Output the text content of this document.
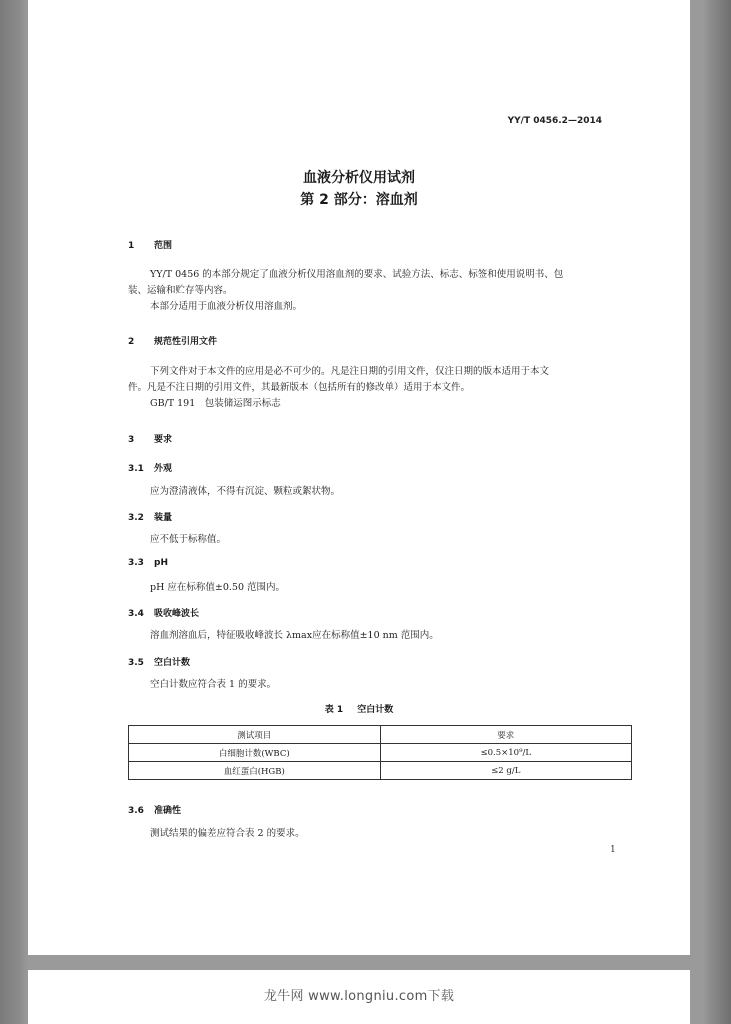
YY/T 0456.2—2014
血液分析仪用试剂
第 2 部分：溶血剂
1 范围
YY/T 0456 的本部分规定了血液分析仪用溶血剂的要求、试验方法、标志、标签和使用说明书、包
装、运输和贮存等内容。
本部分适用于血液分析仪用溶血剂。
2 规范性引用文件
下列文件对于本文件的应用是必不可少的。凡是注日期的引用文件，仅注日期的版本适用于本文
件。凡是不注日期的引用文件，其最新版本（包括所有的修改单）适用于本文件。
GB/T 191　包装储运图示标志
3 要求
3.1 外观
应为澄清液体，不得有沉淀、颗粒或絮状物。
3.2 装量
应不低于标称值。
3.3 pH
pH 应在标称值±0.50 范围内。
3.4 吸收峰波长
溶血剂溶血后，特征吸收峰波长 λmax应在标称值±10 nm 范围内。
3.5 空白计数
空白计数应符合表 1 的要求。
表 1 空白计数
测试项目	要求
白细胞计数(WBC)	≤0.5×10⁹/L
血红蛋白(HGB)	≤2 g/L
3.6 准确性
测试结果的偏差应符合表 2 的要求。
1
龙牛网 www.longniu.com下载
